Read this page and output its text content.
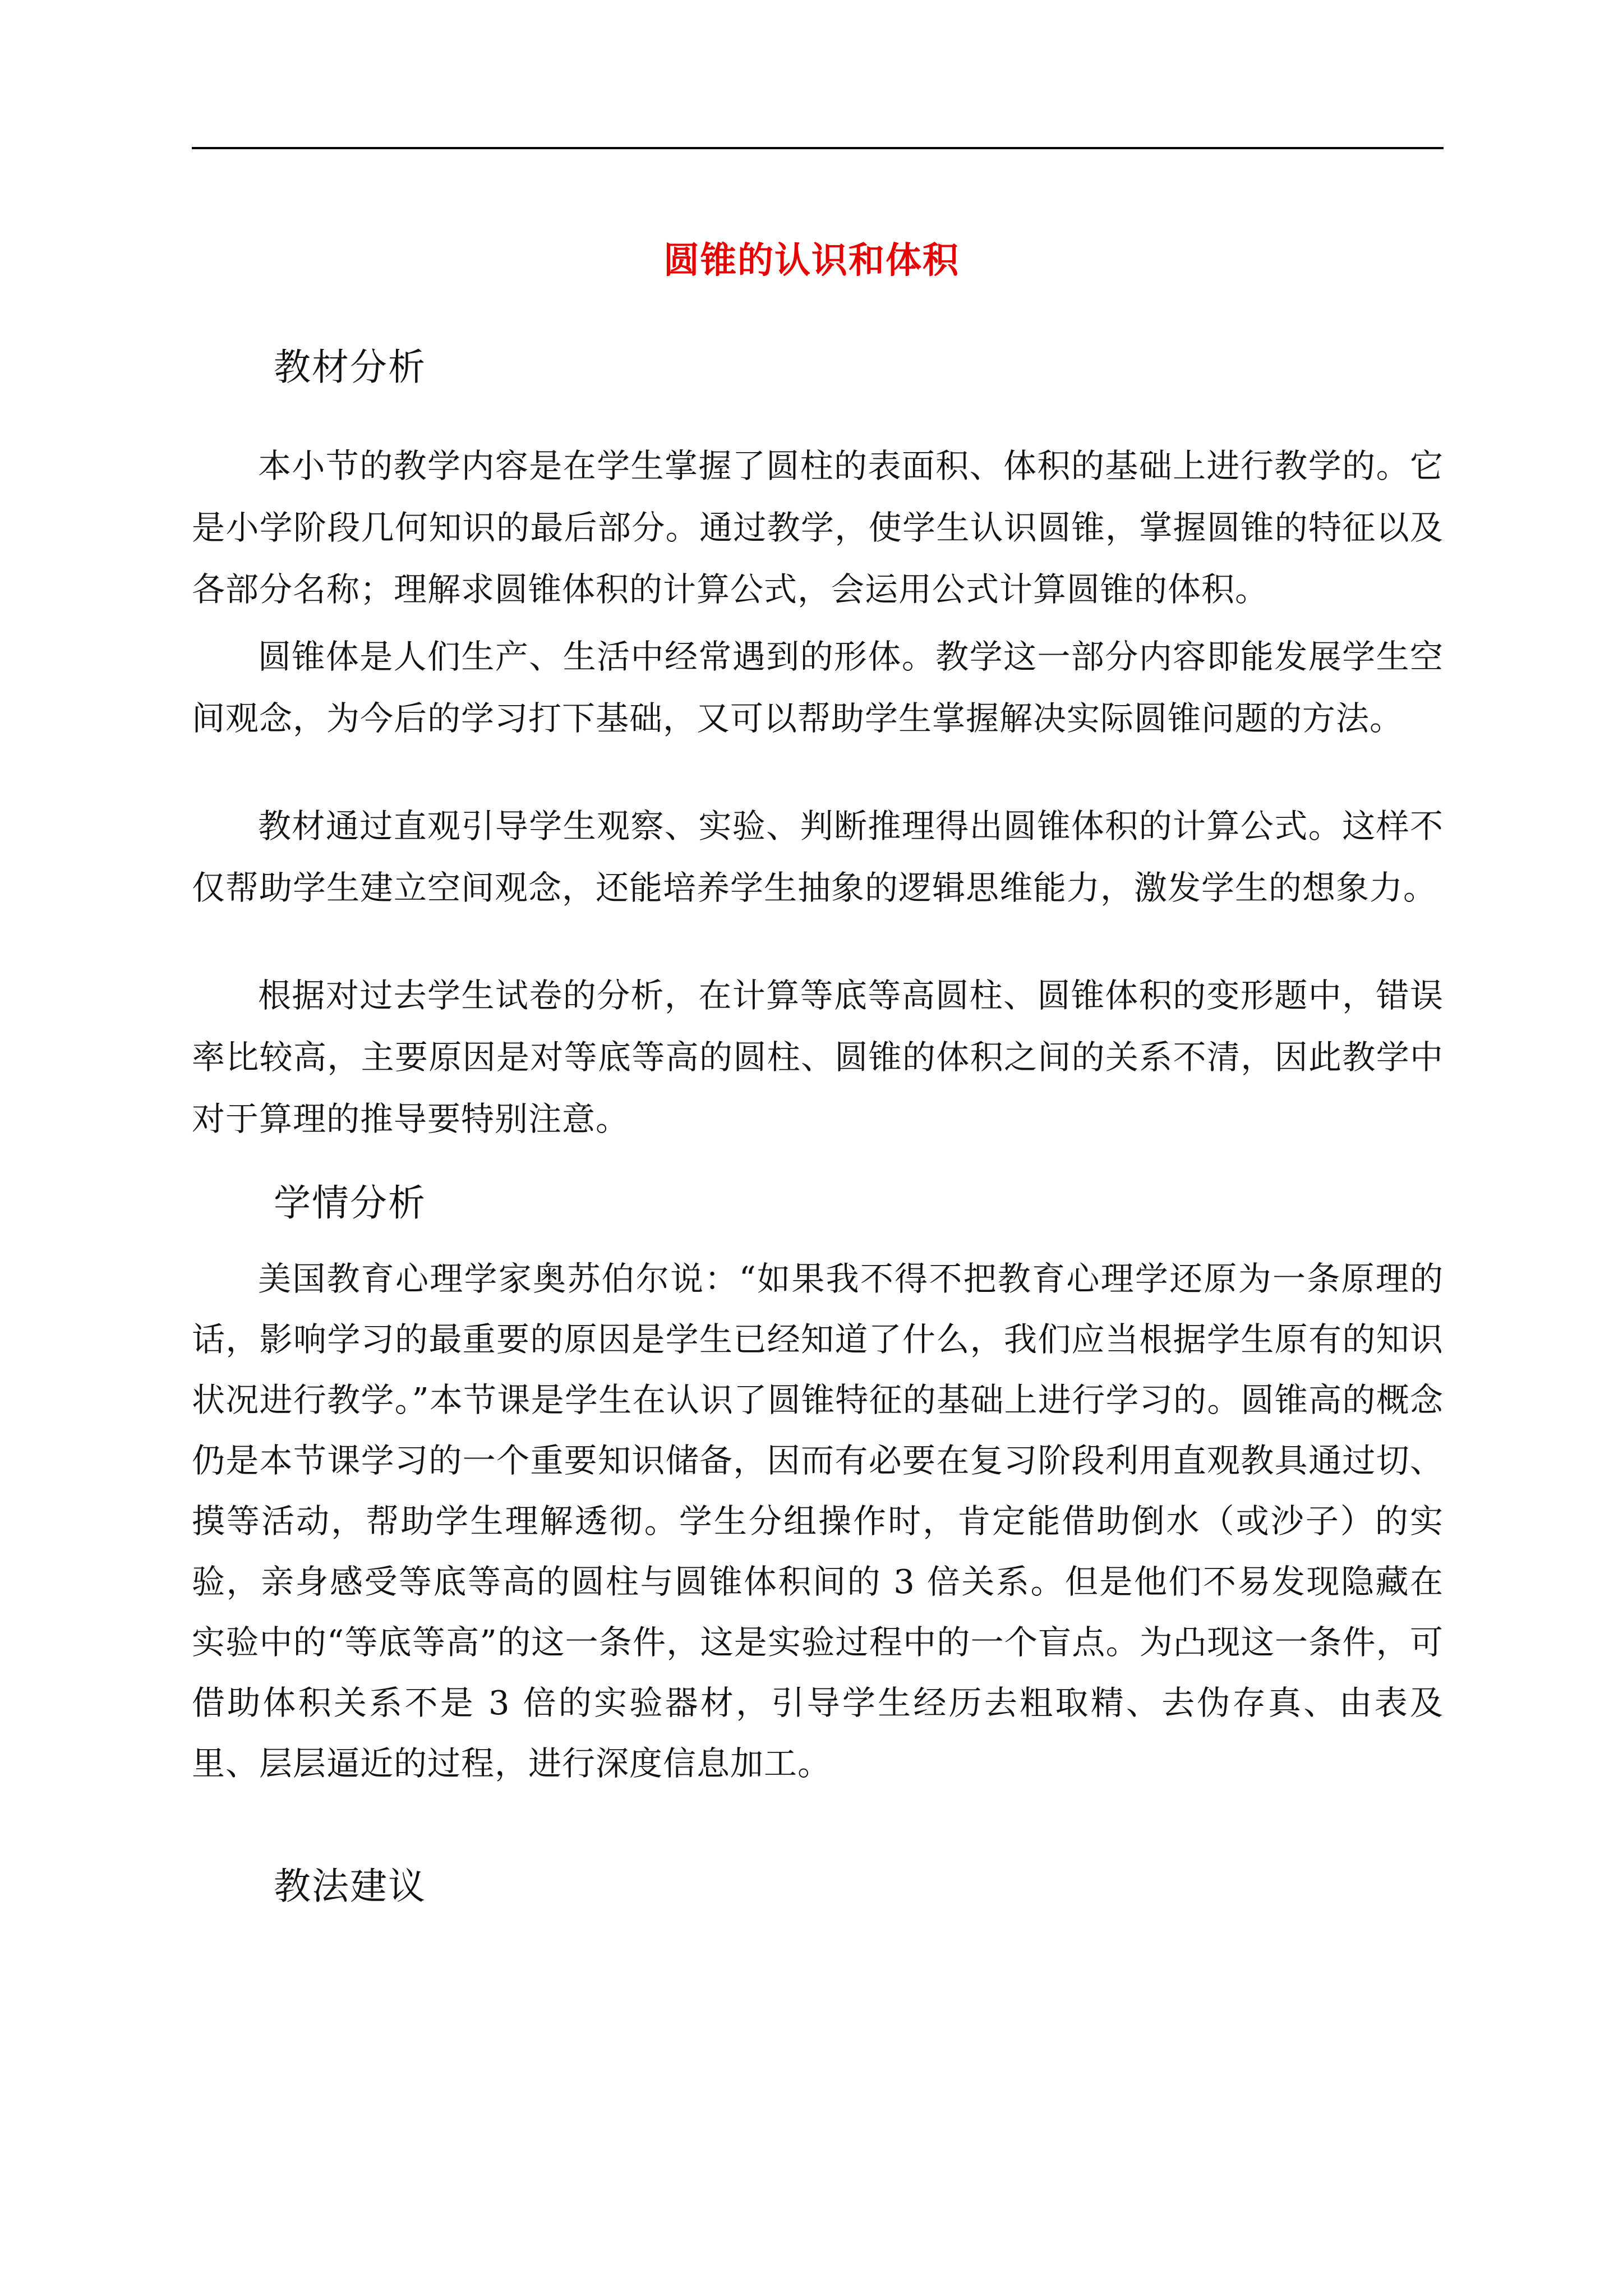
圆锥的认识和体积
教材分析
本小节的教学内容是在学生掌握了圆柱的表面积、体积的基础上进行教学的。它是小学阶段几何知识的最后部分。通过教学，使学生认识圆锥，掌握圆锥的特征以及各部分名称；理解求圆锥体积的计算公式，会运用公式计算圆锥的体积。
圆锥体是人们生产、生活中经常遇到的形体。教学这一部分内容即能发展学生空间观念，为今后的学习打下基础，又可以帮助学生掌握解决实际圆锥问题的方法。
教材通过直观引导学生观察、实验、判断推理得出圆锥体积的计算公式。这样不仅帮助学生建立空间观念，还能培养学生抽象的逻辑思维能力，激发学生的想象力。
根据对过去学生试卷的分析，在计算等底等高圆柱、圆锥体积的变形题中，错误率比较高，主要原因是对等底等高的圆柱、圆锥的体积之间的关系不清，因此教学中对于算理的推导要特别注意。
学情分析
美国教育心理学家奥苏伯尔说：“如果我不得不把教育心理学还原为一条原理的话，影响学习的最重要的原因是学生已经知道了什么，我们应当根据学生原有的知识状况进行教学。”本节课是学生在认识了圆锥特征的基础上进行学习的。圆锥高的概念仍是本节课学习的一个重要知识储备，因而有必要在复习阶段利用直观教具通过切、摸等活动，帮助学生理解透彻。学生分组操作时，肯定能借助倒水（或沙子）的实验，亲身感受等底等高的圆柱与圆锥体积间的 3 倍关系。但是他们不易发现隐藏在实验中的“等底等高”的这一条件，这是实验过程中的一个盲点。为凸现这一条件，可借助体积关系不是 3 倍的实验器材，引导学生经历去粗取精、去伪存真、由表及里、层层逼近的过程，进行深度信息加工。
教法建议
